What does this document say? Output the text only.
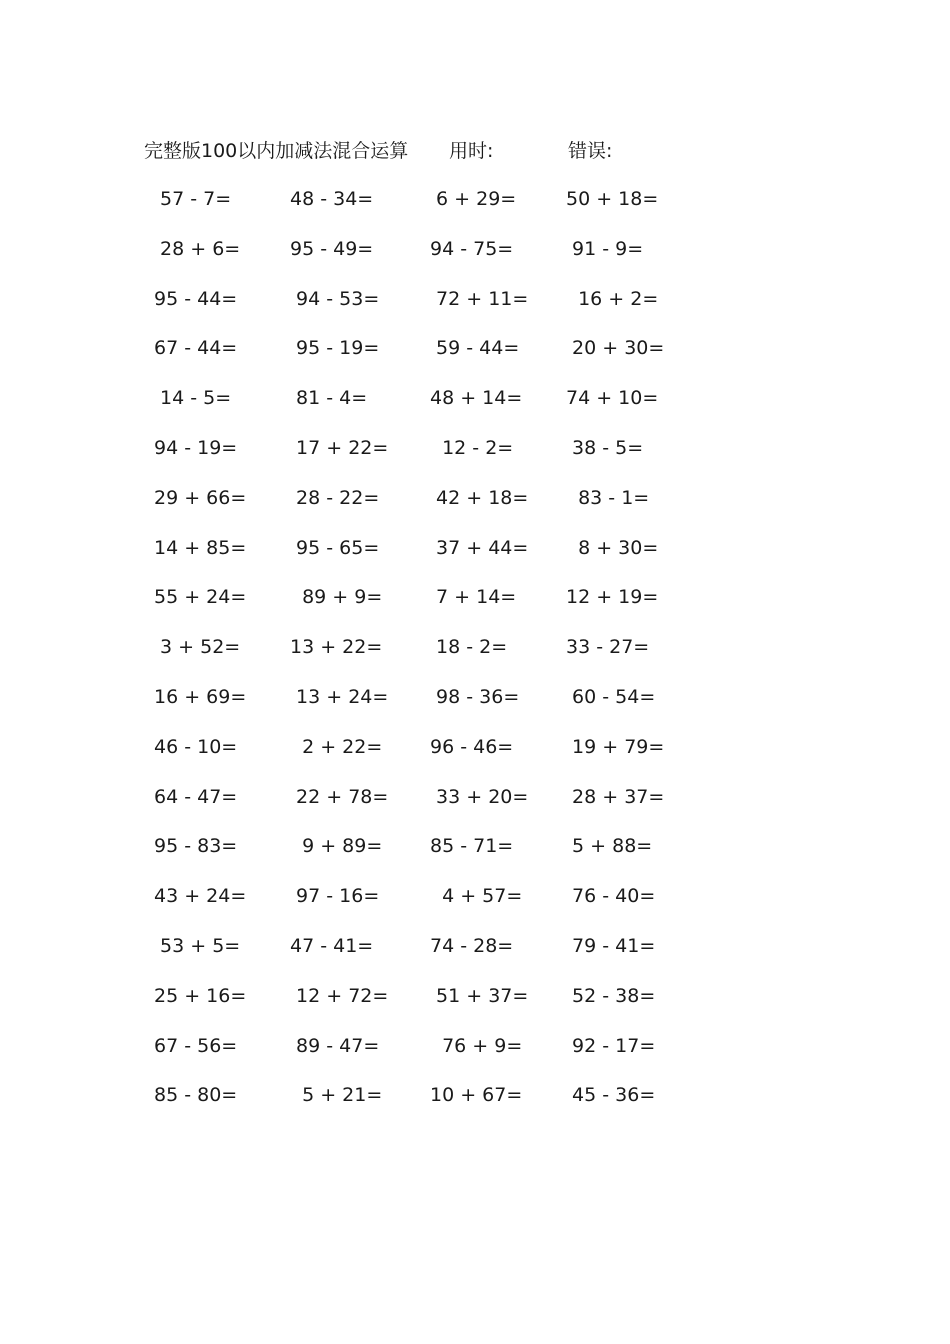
完整版100以内加减法混合运算 用时:	错误:
57 - 7=	48 - 34=	6 + 29=	50 + 18=
28 + 6=	95 - 49=	94 - 75=	91 - 9=
95 - 44=	94 - 53=	72 + 11= 16 + 2=
67 - 44=	95 - 19=	59 - 44= 20 + 30=
14 - 5=	81 - 4=	48 + 14= 74 + 10=
94 - 19=	17 + 22= 12 - 2=	38 - 5=
29 + 66= 28 - 22=	42 + 18= 83 - 1=
14 + 85= 95 - 65=	37 + 44= 8 + 30=
55 + 24= 89 + 9=	7 + 14=	12 + 19=
3 + 52=	13 + 22=	18 - 2=	33 - 27=
16 + 69= 13 + 24= 98 - 36= 60 - 54=
46 - 10=	2 + 22=	96 - 46=	19 + 79=
64 - 47=	22 + 78= 33 + 20= 28 + 37=
95 - 83=	9 + 89=	85 - 71=	5 + 88=
43 + 24= 97 - 16=	4 + 57= 76 - 40=
53 + 5=	47 - 41=	74 - 28=	79 - 41=
25 + 16= 12 + 72= 51 + 37= 52 - 38=
67 - 56=	89 - 47=	76 + 9= 92 - 17=
85 - 80=	5 + 21=	10 + 67= 45 - 36=
